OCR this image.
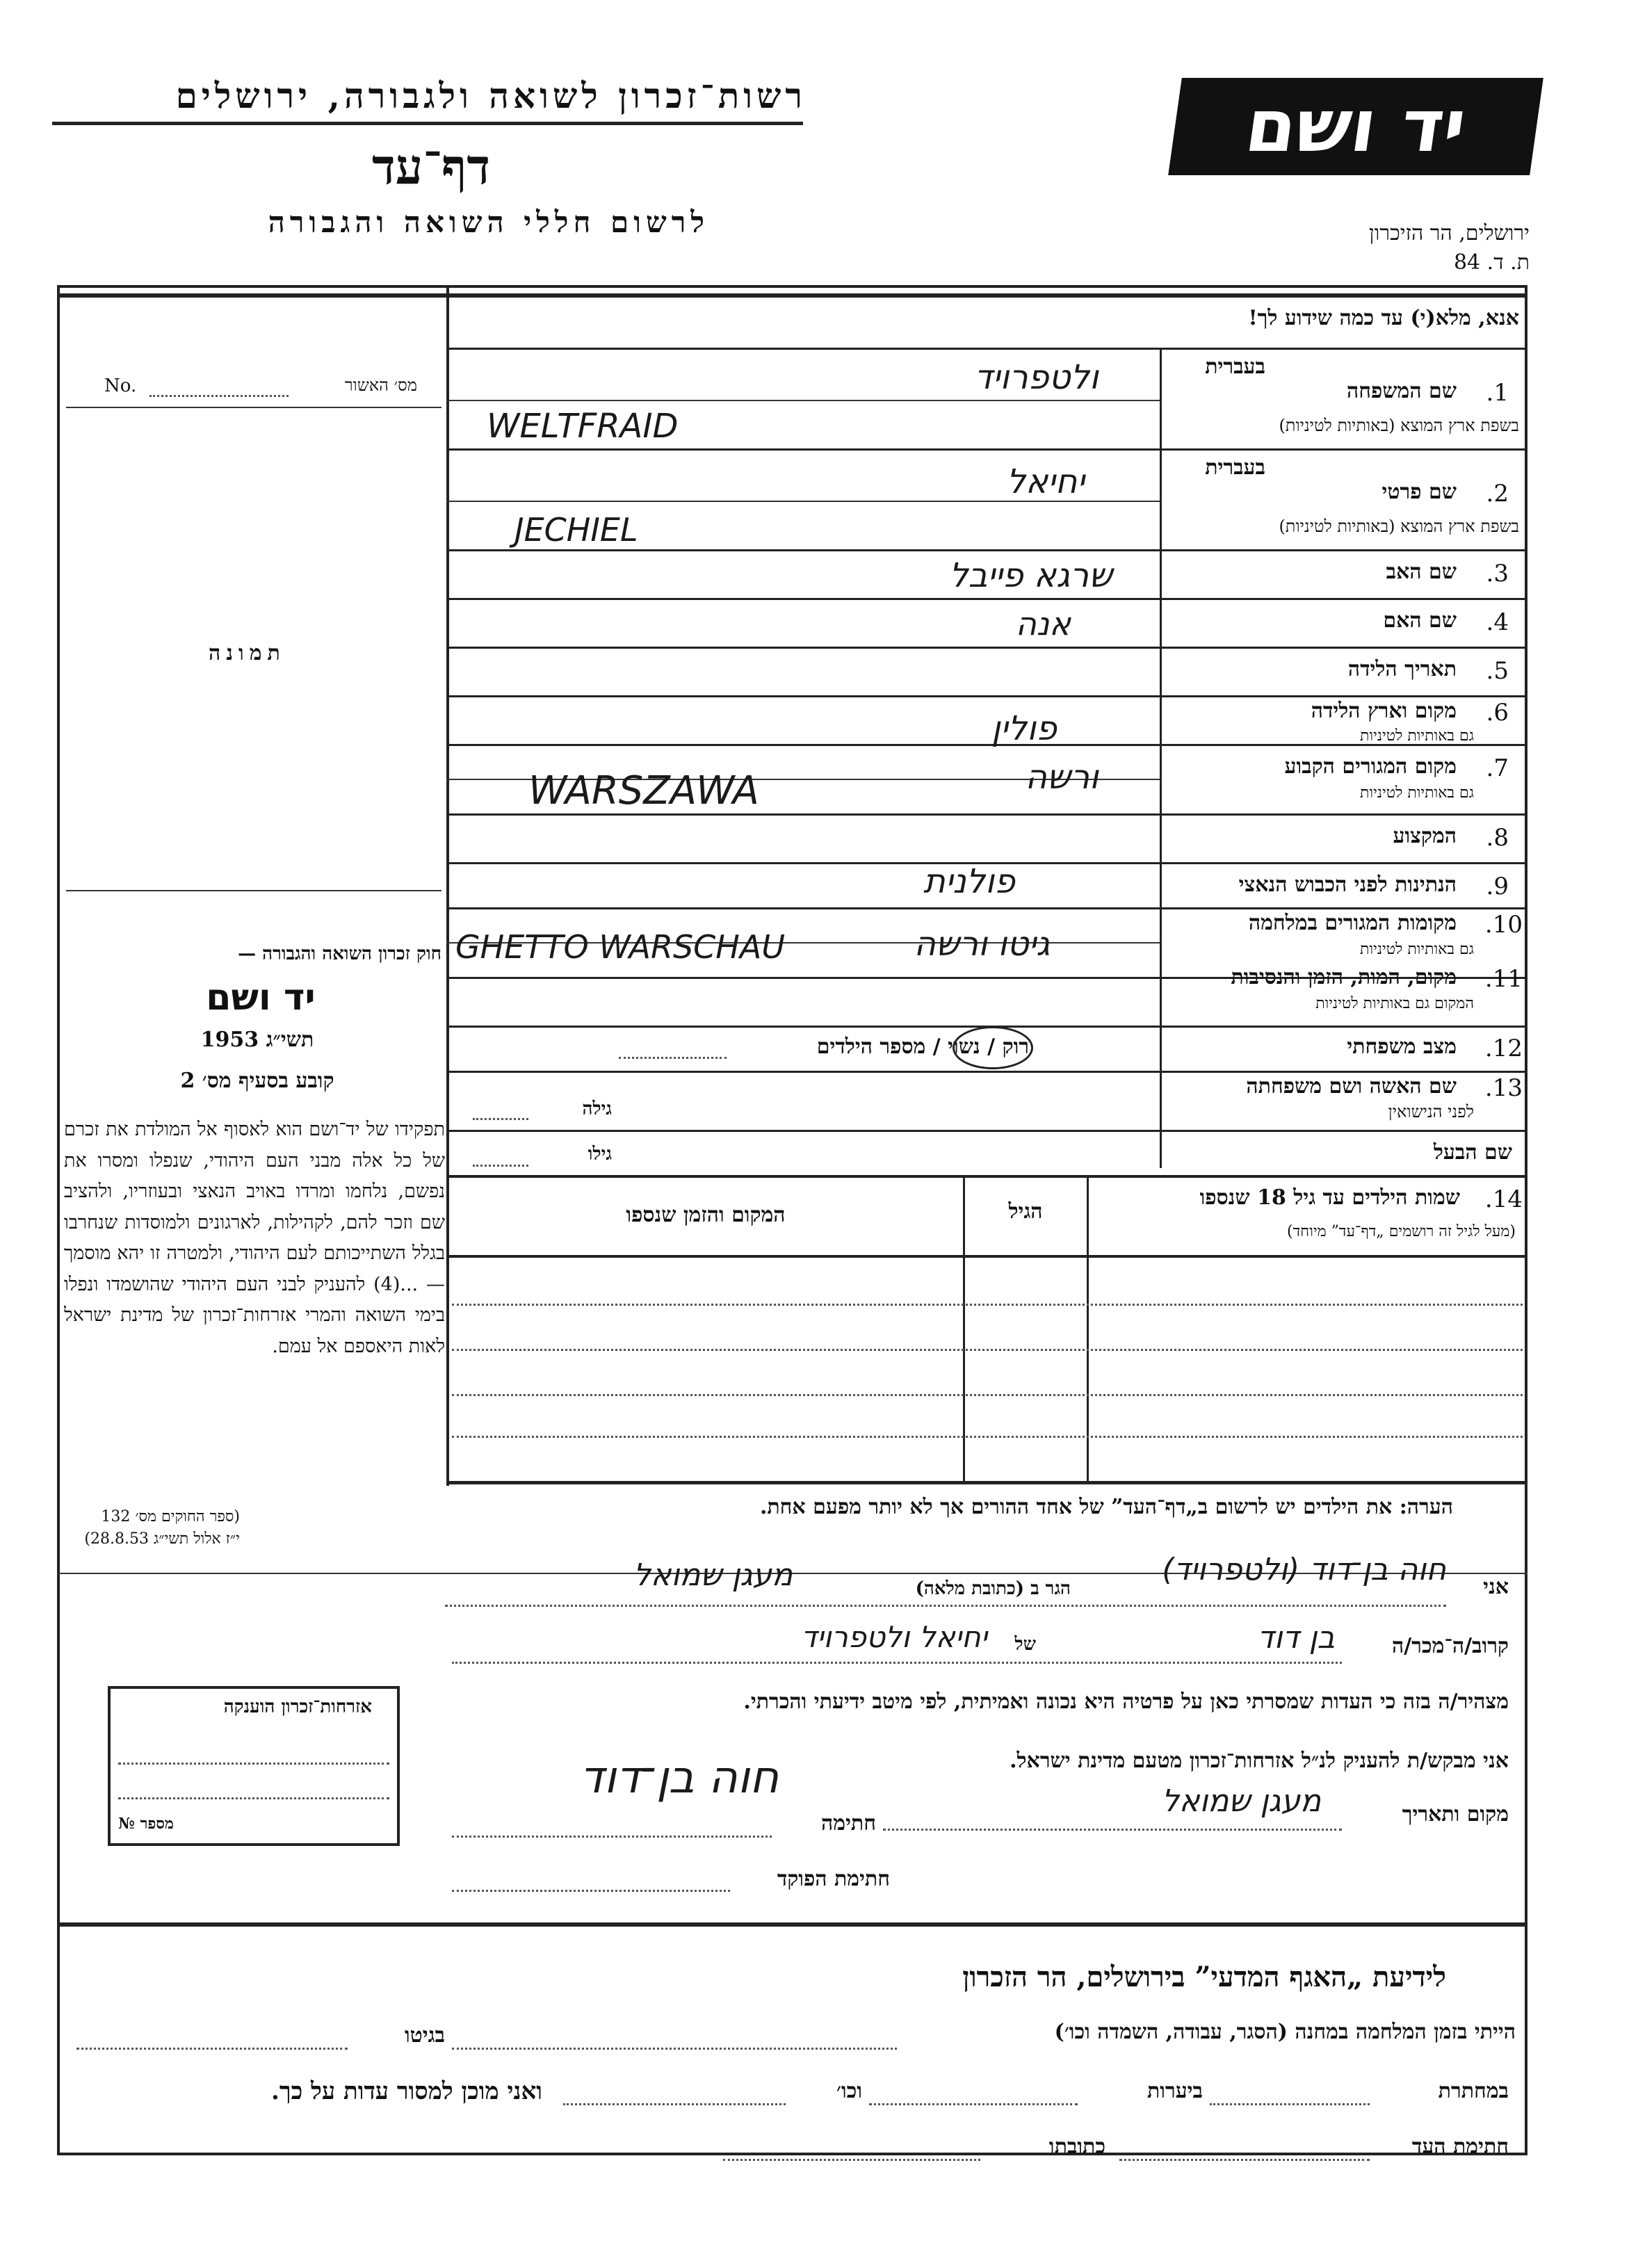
רשות־זכרון לשואה ולגבורה, ירושלים
דף־עד
לרשום חללי השואה והגבורה
יד ושם
ירושלים, הר הזיכרון
ת. ד. 84
אנא, מלא(י) עד כמה שידוע לך!
No.	מס׳ האשור
תמונה
חוק זכרון השואה והגבורה —
יד ושם
תשי״ג 1953
קובע בסעיף מס׳ 2
תפקידו של יד־ושם הוא לאסוף אל המולדת את זכרם של כל אלה מבני העם היהודי, שנפלו ומסרו את נפשם, נלחמו ומרדו באויב הנאצי ובעוזריו, ולהציב שם וזכר להם, לקהילות, לארגונים ולמוסדות שנחרבו בגלל השתייכותם לעם היהודי, ולמטרה זו יהא מוסמך — ...(4) להעניק לבני העם היהודי שהושמדו ונפלו בימי השואה והמרי אזרחות־זכרון של מדינת ישראל לאות היאספם אל עמם.
(ספר החוקים מס׳ 132
י״ז אלול תשי״ג 28.8.53)
אזרחות־זכרון הוענקה
מספר №
בעברית
1.
שם המשפחה
בשפת ארץ המוצא (באותיות לטיניות)
ולטפרויד
WELTFRAID
בעברית
2.
שם פרטי
בשפת ארץ המוצא (באותיות לטיניות)
יחיאל
JECHIEL
3.
שם האב
שרגא פייבל
4.
שם האם
אנה
5.
תאריך הלידה
6.
מקום וארץ הלידה
גם באותיות לטיניות
פולין
7.
מקום המגורים הקבוע
גם באותיות לטיניות
ורשה
WARSZAWA
8.
המקצוע
9.
הנתינות לפני הכבוש הנאצי
פולנית
10.
מקומות המגורים במלחמה
גם באותיות לטיניות
גיטו ורשה
GHETTO WARSCHAU
11.
מקום, המות, הזמן והנסיבות
המקום גם באותיות לטיניות
12.
מצב משפחתי
רוק / נשוי / מספר הילדים
13.
שם האשה ושם משפחתה
לפני הנישואין
גילה
שם הבעל
גילו
14.
שמות הילדים עד גיל 18 שנספו
(מעל לגיל זה רושמים „דף־עד” מיוחד)
הגיל
המקום והזמן שנספו
הערה: את הילדים יש לרשום ב„דף־העד” של אחד ההורים אך לא יותר מפעם אחת.
אני
חוה בן־דוד (ולטפרויד)
הגר ב (כתובת מלאה)
מעגן שמואל
קרוב/ה־מכר/ה
בן דוד
של
יחיאל ולטפרויד
מצהיר/ה בזה כי העדות שמסרתי כאן על פרטיה היא נכונה ואמיתית, לפי מיטב ידיעתי והכרתי.
אני מבקש/ת להעניק לנ״ל אזרחות־זכרון מטעם מדינת ישראל.
מקום ותאריך
מעגן שמואל
חתימה
חוה בן־דוד
חתימת הפוקד
לידיעת „האגף המדעי” בירושלים, הר הזכרון
הייתי בזמן המלחמה במחנה (הסגר, עבודה, השמדה וכו׳)
בגיטו
במחתרת
ביערות
וכו׳
ואני מוכן למסור עדות על כך.
חתימת העד
כתובתו
